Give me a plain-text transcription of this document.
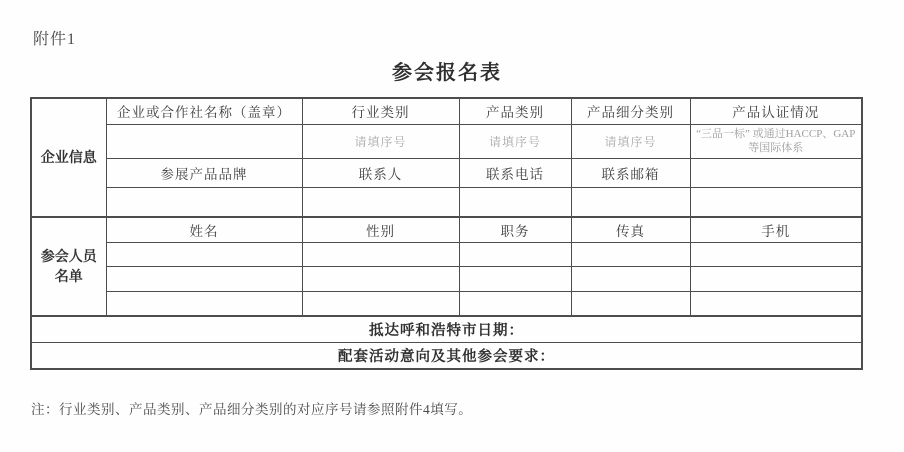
附件1
参会报名表
企业信息	企业或合作社名称（盖章）	行业类别	产品类别	产品细分类别	产品认证情况
		请填序号	请填序号	请填序号	“三品一标” 或通过HACCP、GAP等国际体系
	参展产品品牌	联系人	联系电话	联系邮箱	

参会人员
名单	姓名	性别	职务	传真	手机

抵达呼和浩特市日期：					
配套活动意向及其他参会要求：					
注：行业类别、产品类别、产品细分类别的对应序号请参照附件4填写。
